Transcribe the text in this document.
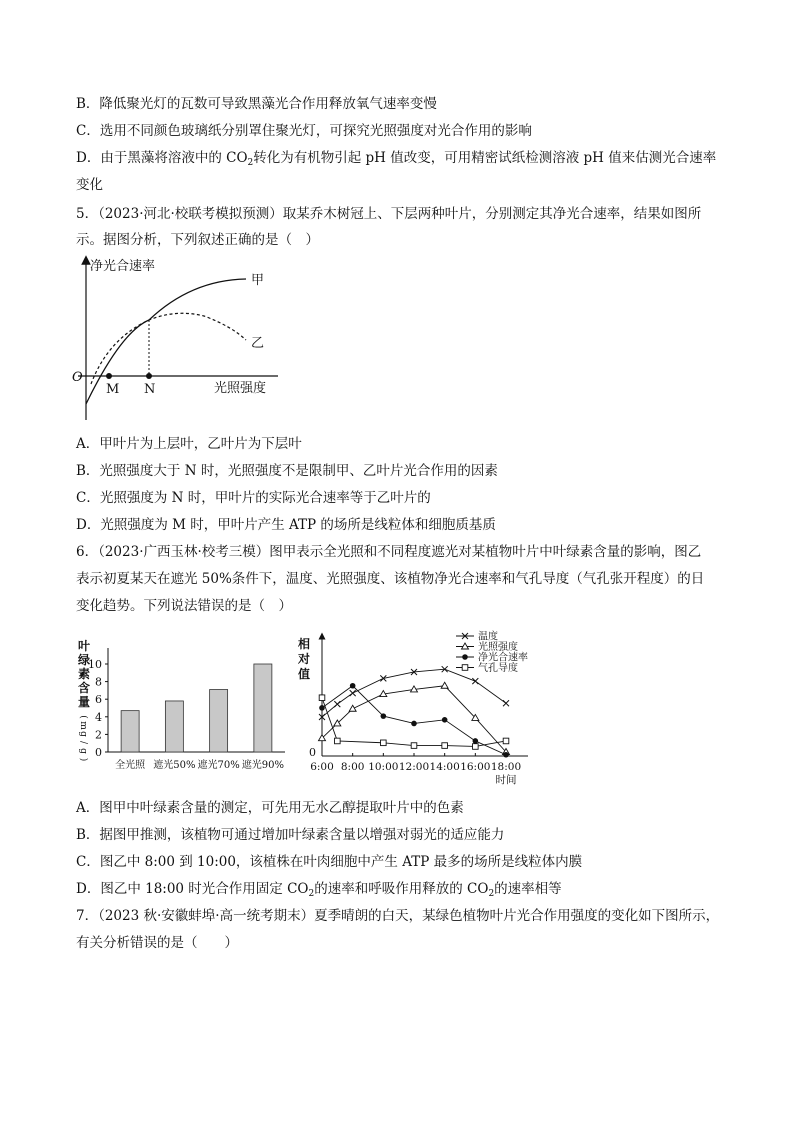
B．降低聚光灯的瓦数可导致黑藻光合作用释放氧气速率变慢
C．选用不同颜色玻璃纸分别罩住聚光灯，可探究光照强度对光合作用的影响
D．由于黑藻将溶液中的 $CO_2$转化为有机物引起 pH 值改变，可用精密试纸检测溶液 pH 值来估测光合速率
变化
5．（2023·河北·校联考模拟预测）取某乔木树冠上、下层两种叶片，分别测定其净光合速率，结果如图所
示。据图分析，下列叙述正确的是（　）
净光合速率
光照强度
O
M N
甲
乙
A．甲叶片为上层叶，乙叶片为下层叶
B．光照强度大于 N 时，光照强度不是限制甲、乙叶片光合作用的因素
C．光照强度为 N 时，甲叶片的实际光合速率等于乙叶片的
D．光照强度为 M 时，甲叶片产生 ATP 的场所是线粒体和细胞质基质
6．（2023·广西玉林·校考三模）图甲表示全光照和不同程度遮光对某植物叶片中叶绿素含量的影响，图乙
表示初夏某天在遮光 50%条件下，温度、光照强度、该植物净光合速率和气孔导度（气孔张开程度）的日
变化趋势。下列说法错误的是（　）
0
2
4
6
8
10
叶
绿
素
含
量
(
m
g
/
g
)
全光照 遮光50% 遮光70% 遮光90%
相
对
值
0
6:00 8:00 10:00 12:00 14:00 16:00 18:00
时间
温度
光照强度
净光合速率
气孔导度
A．图甲中叶绿素含量的测定，可先用无水乙醇提取叶片中的色素
B．据图甲推测，该植物可通过增加叶绿素含量以增强对弱光的适应能力
C．图乙中 8:00 到 10:00，该植株在叶肉细胞中产生 ATP 最多的场所是线粒体内膜
D．图乙中 18:00 时光合作用固定 $CO_2$的速率和呼吸作用释放的 $CO_2$的速率相等
7．（2023 秋·安徽蚌埠·高一统考期末）夏季晴朗的白天，某绿色植物叶片光合作用强度的变化如下图所示，
有关分析错误的是（　　）
